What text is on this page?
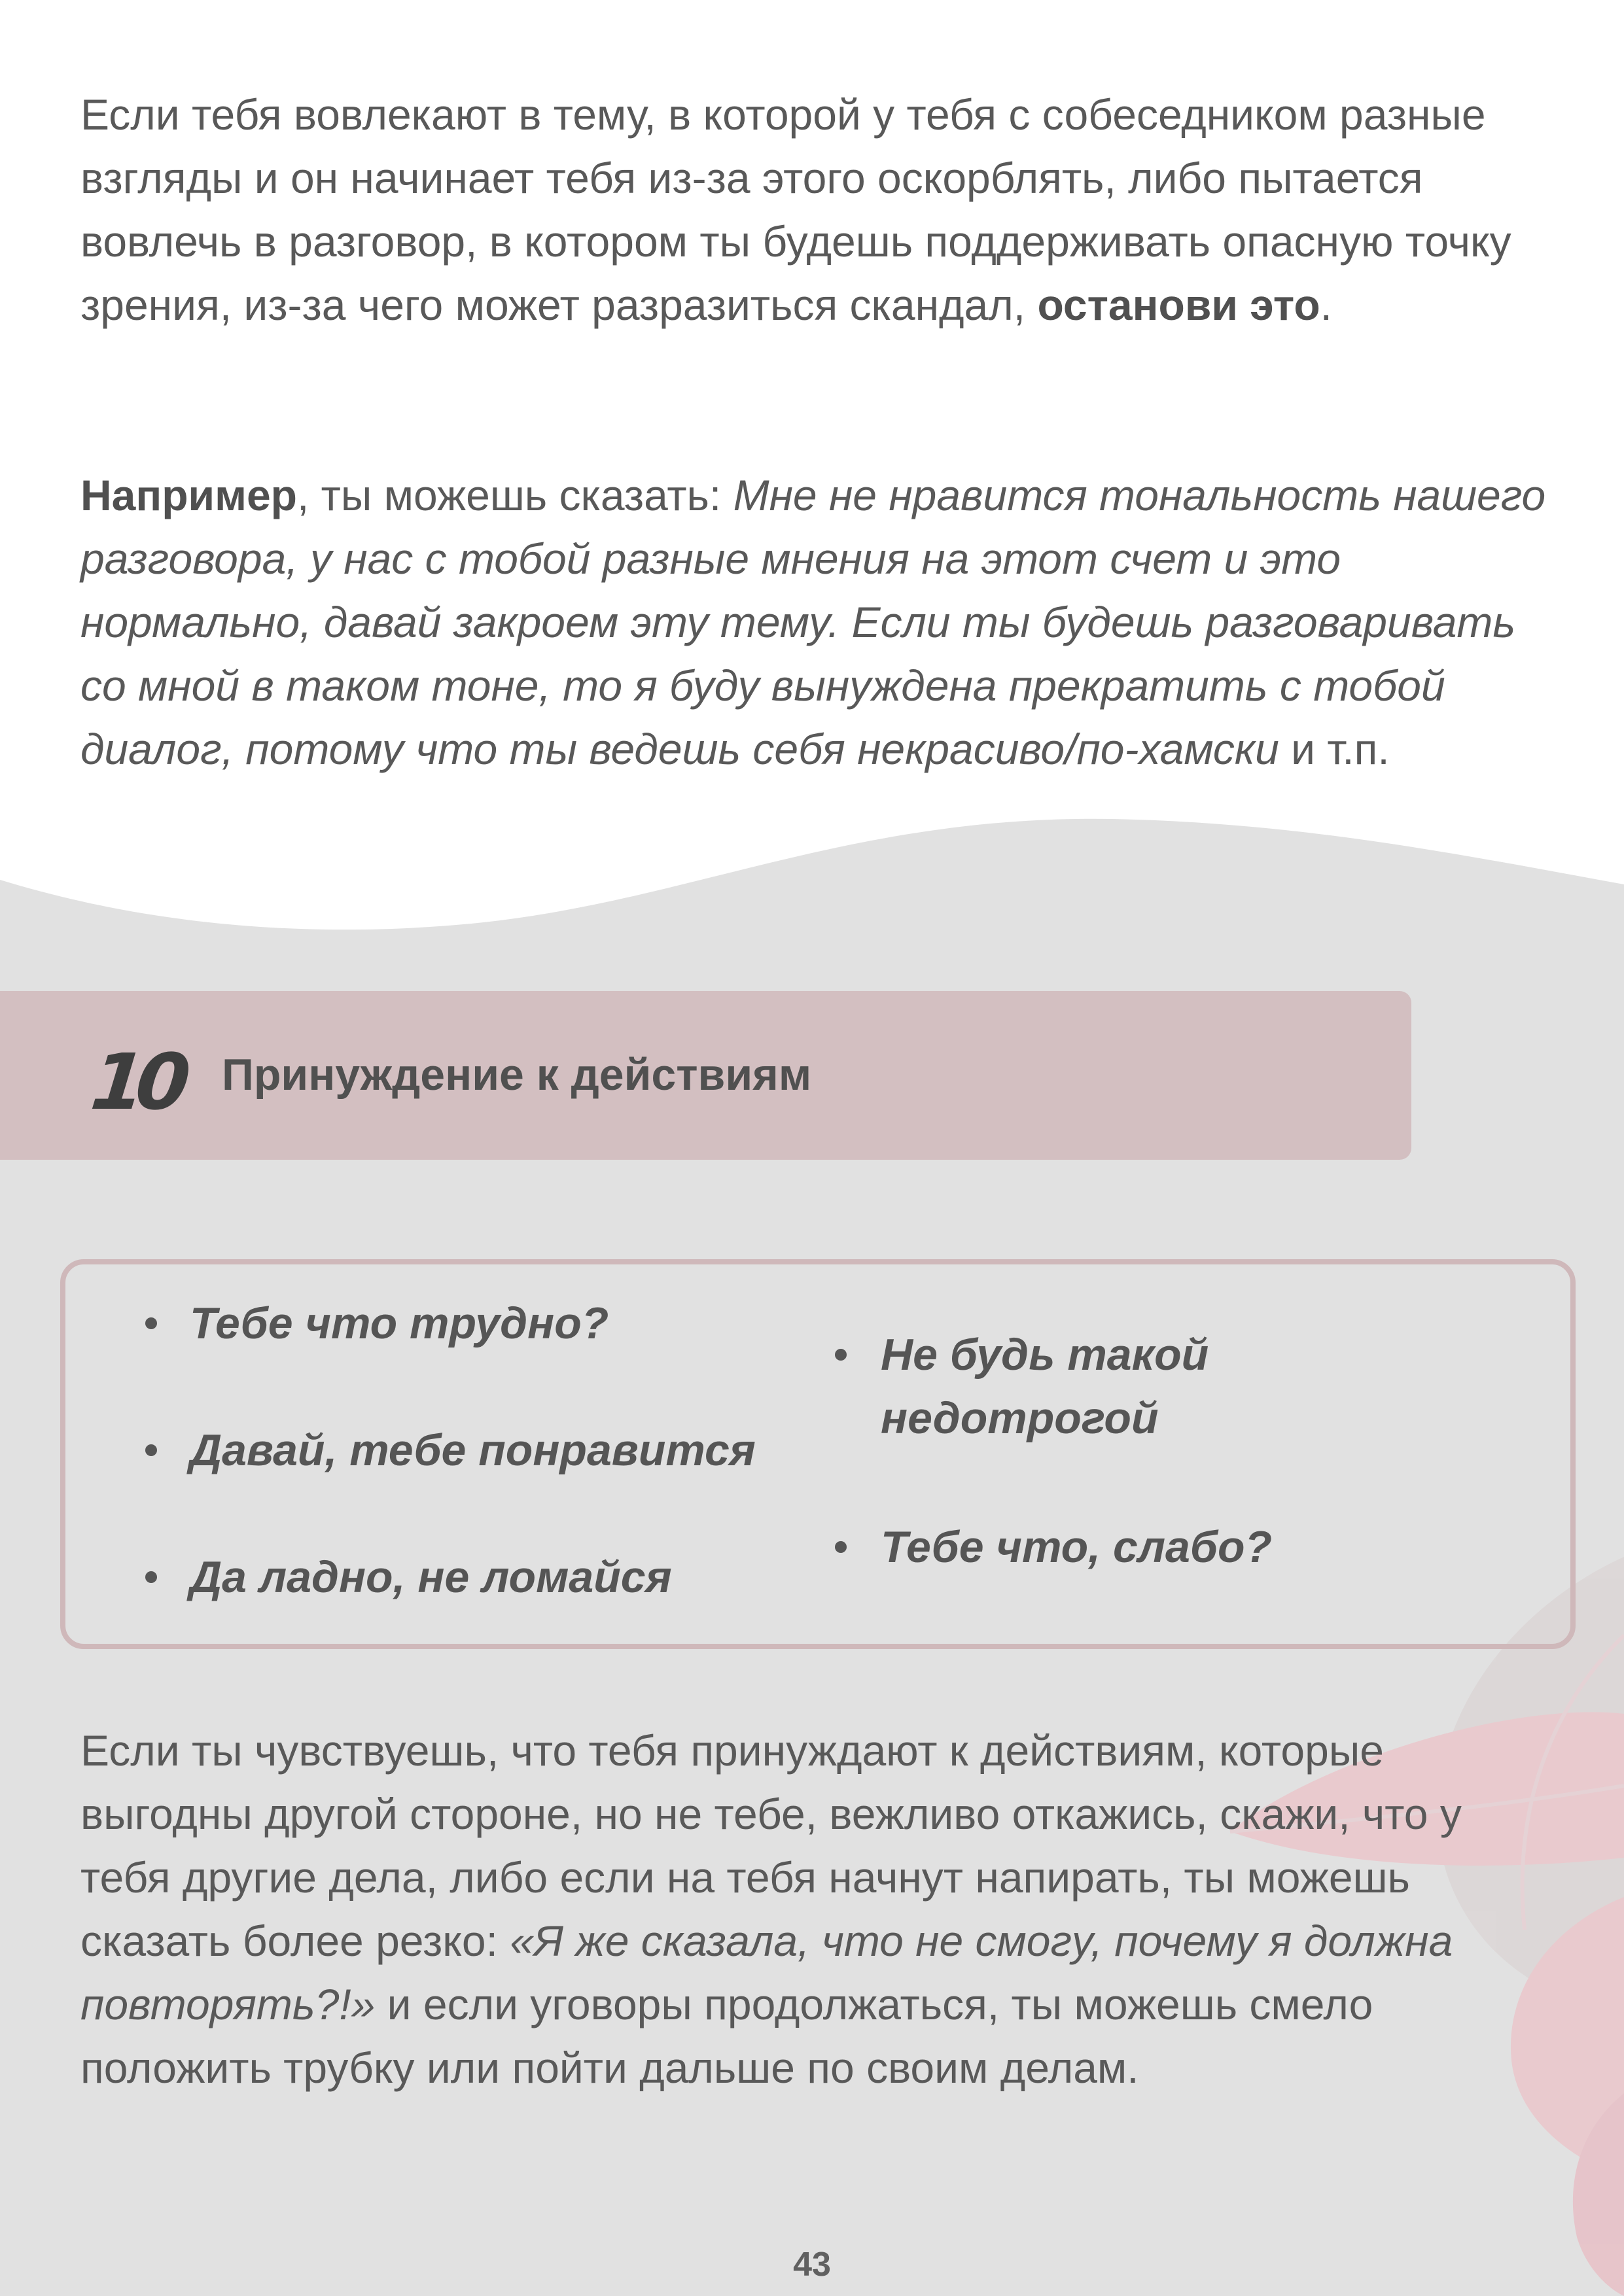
Если тебя вовлекают в тему, в которой у тебя с собеседником разные взгляды и он начинает тебя из-за этого оскорблять, либо пытается вовлечь в разговор, в котором ты будешь поддерживать опасную точку зрения, из-за чего может разразиться скандал, останови это.

Например, ты можешь сказать: Мне не нравится тональность нашего разговора, у нас с тобой разные мнения на этот счет и это нормально, давай закроем эту тему. Если ты будешь разговаривать со мной в таком тоне, то я буду вынуждена прекратить с тобой диалог, потому что ты ведешь себя некрасиво/по-хамски и т.п.

10 Принуждение к действиям
Тебе что трудно?
Давай, тебе понравится
Да ладно, не ломайся
Не будь такой
недотрогой
Тебе что, слабо?

Если ты чувствуешь, что тебя принуждают к действиям, которые выгодны другой стороне, но не тебе, вежливо откажись, скажи, что у тебя другие дела, либо если на тебя начнут напирать, ты можешь сказать более резко: «Я же сказала, что не смогу, почему я должна повторять?!» и если уговоры продолжаться, ты можешь смело положить трубку или пойти дальше по своим делам.

43
